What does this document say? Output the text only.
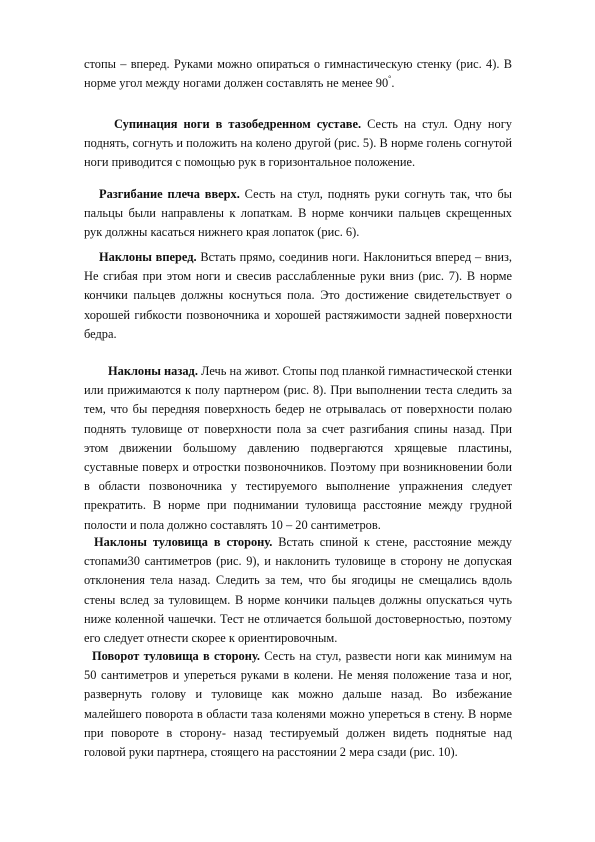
стопы – вперед. Руками можно опираться о гимнастическую стенку (рис. 4). В норме угол между ногами должен составлять не менее 90°.

Супинация ноги в тазобедренном суставе. Сесть на стул. Одну ногу поднять, согнуть и положить на колено другой (рис. 5). В норме голень согнутой ноги приводится с помощью рук в горизонтальное положение.

Разгибание плеча вверх. Сесть на стул, поднять руки согнуть так, что бы пальцы были направлены к лопаткам. В норме кончики пальцев скрещенных рук должны касаться нижнего края лопаток (рис. 6).

Наклоны вперед. Встать прямо, соединив ноги. Наклониться вперед – вниз, Не сгибая при этом ноги и свесив расслабленные руки вниз (рис. 7). В норме кончики пальцев должны коснуться пола. Это достижение свидетельствует о хорошей гибкости позвоночника и хорошей растяжимости задней поверхности бедра.

Наклоны назад. Лечь на живот. Стопы под планкой гимнастической стенки или прижимаются к полу партнером (рис. 8). При выполнении теста следить за тем, что бы передняя поверхность бедер не отрывалась от поверхности полаю поднять туловище от поверхности пола за счет разгибания спины назад. При этом движении большому давлению подвергаются хрящевые пластины, суставные поверх и отростки позвоночников. Поэтому при возникновении боли в области позвоночника у тестируемого выполнение упражнения следует прекратить. В норме при поднимании туловища расстояние между грудной полости и пола должно составлять 10 – 20 сантиметров.

Наклоны туловища в сторону. Встать спиной к стене, расстояние между стопами30 сантиметров (рис. 9), и наклонить туловище в сторону не допуская отклонения тела назад. Следить за тем, что бы ягодицы не смещались вдоль стены вслед за туловищем. В норме кончики пальцев должны опускаться чуть ниже коленной чашечки. Тест не отличается большой достоверностью, поэтому его следует отнести скорее к ориентировочным.

Поворот туловища в сторону. Сесть на стул, развести ноги как минимум на 50 сантиметров и упереться руками в колени. Не меняя положение таза и ног, развернуть голову и туловище как можно дальше назад. Во избежание малейшего поворота в области таза коленями можно упереться в стену. В норме при повороте в сторону- назад тестируемый должен видеть поднятые над головой руки партнера, стоящего на расстоянии 2 мера сзади (рис. 10).
